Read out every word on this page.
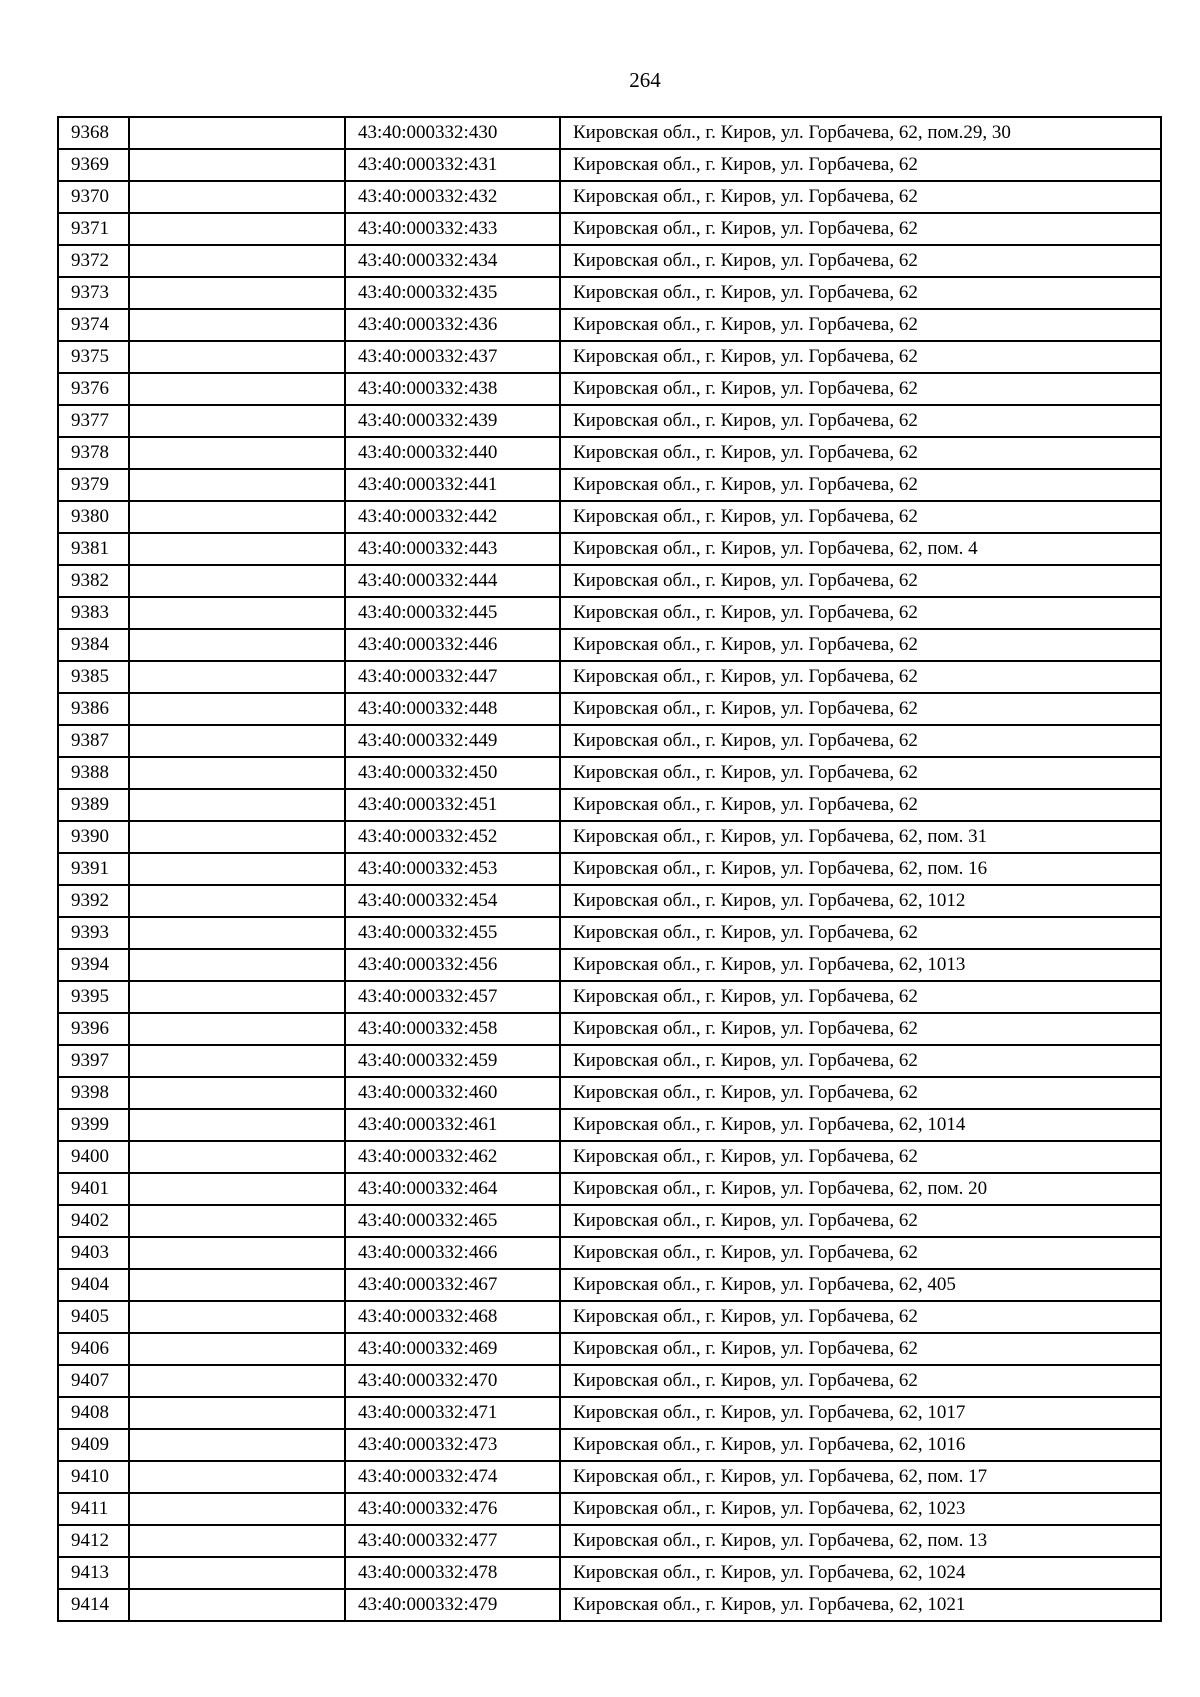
264
9368		43:40:000332:430	Кировская обл., г. Киров, ул. Горбачева, 62, пом.29, 30
9369		43:40:000332:431	Кировская обл., г. Киров, ул. Горбачева, 62
9370		43:40:000332:432	Кировская обл., г. Киров, ул. Горбачева, 62
9371		43:40:000332:433	Кировская обл., г. Киров, ул. Горбачева, 62
9372		43:40:000332:434	Кировская обл., г. Киров, ул. Горбачева, 62
9373		43:40:000332:435	Кировская обл., г. Киров, ул. Горбачева, 62
9374		43:40:000332:436	Кировская обл., г. Киров, ул. Горбачева, 62
9375		43:40:000332:437	Кировская обл., г. Киров, ул. Горбачева, 62
9376		43:40:000332:438	Кировская обл., г. Киров, ул. Горбачева, 62
9377		43:40:000332:439	Кировская обл., г. Киров, ул. Горбачева, 62
9378		43:40:000332:440	Кировская обл., г. Киров, ул. Горбачева, 62
9379		43:40:000332:441	Кировская обл., г. Киров, ул. Горбачева, 62
9380		43:40:000332:442	Кировская обл., г. Киров, ул. Горбачева, 62
9381		43:40:000332:443	Кировская обл., г. Киров, ул. Горбачева, 62, пом. 4
9382		43:40:000332:444	Кировская обл., г. Киров, ул. Горбачева, 62
9383		43:40:000332:445	Кировская обл., г. Киров, ул. Горбачева, 62
9384		43:40:000332:446	Кировская обл., г. Киров, ул. Горбачева, 62
9385		43:40:000332:447	Кировская обл., г. Киров, ул. Горбачева, 62
9386		43:40:000332:448	Кировская обл., г. Киров, ул. Горбачева, 62
9387		43:40:000332:449	Кировская обл., г. Киров, ул. Горбачева, 62
9388		43:40:000332:450	Кировская обл., г. Киров, ул. Горбачева, 62
9389		43:40:000332:451	Кировская обл., г. Киров, ул. Горбачева, 62
9390		43:40:000332:452	Кировская обл., г. Киров, ул. Горбачева, 62, пом. 31
9391		43:40:000332:453	Кировская обл., г. Киров, ул. Горбачева, 62, пом. 16
9392		43:40:000332:454	Кировская обл., г. Киров, ул. Горбачева, 62, 1012
9393		43:40:000332:455	Кировская обл., г. Киров, ул. Горбачева, 62
9394		43:40:000332:456	Кировская обл., г. Киров, ул. Горбачева, 62, 1013
9395		43:40:000332:457	Кировская обл., г. Киров, ул. Горбачева, 62
9396		43:40:000332:458	Кировская обл., г. Киров, ул. Горбачева, 62
9397		43:40:000332:459	Кировская обл., г. Киров, ул. Горбачева, 62
9398		43:40:000332:460	Кировская обл., г. Киров, ул. Горбачева, 62
9399		43:40:000332:461	Кировская обл., г. Киров, ул. Горбачева, 62, 1014
9400		43:40:000332:462	Кировская обл., г. Киров, ул. Горбачева, 62
9401		43:40:000332:464	Кировская обл., г. Киров, ул. Горбачева, 62, пом. 20
9402		43:40:000332:465	Кировская обл., г. Киров, ул. Горбачева, 62
9403		43:40:000332:466	Кировская обл., г. Киров, ул. Горбачева, 62
9404		43:40:000332:467	Кировская обл., г. Киров, ул. Горбачева, 62, 405
9405		43:40:000332:468	Кировская обл., г. Киров, ул. Горбачева, 62
9406		43:40:000332:469	Кировская обл., г. Киров, ул. Горбачева, 62
9407		43:40:000332:470	Кировская обл., г. Киров, ул. Горбачева, 62
9408		43:40:000332:471	Кировская обл., г. Киров, ул. Горбачева, 62, 1017
9409		43:40:000332:473	Кировская обл., г. Киров, ул. Горбачева, 62, 1016
9410		43:40:000332:474	Кировская обл., г. Киров, ул. Горбачева, 62, пом. 17
9411		43:40:000332:476	Кировская обл., г. Киров, ул. Горбачева, 62, 1023
9412		43:40:000332:477	Кировская обл., г. Киров, ул. Горбачева, 62, пом. 13
9413		43:40:000332:478	Кировская обл., г. Киров, ул. Горбачева, 62, 1024
9414		43:40:000332:479	Кировская обл., г. Киров, ул. Горбачева, 62, 1021
